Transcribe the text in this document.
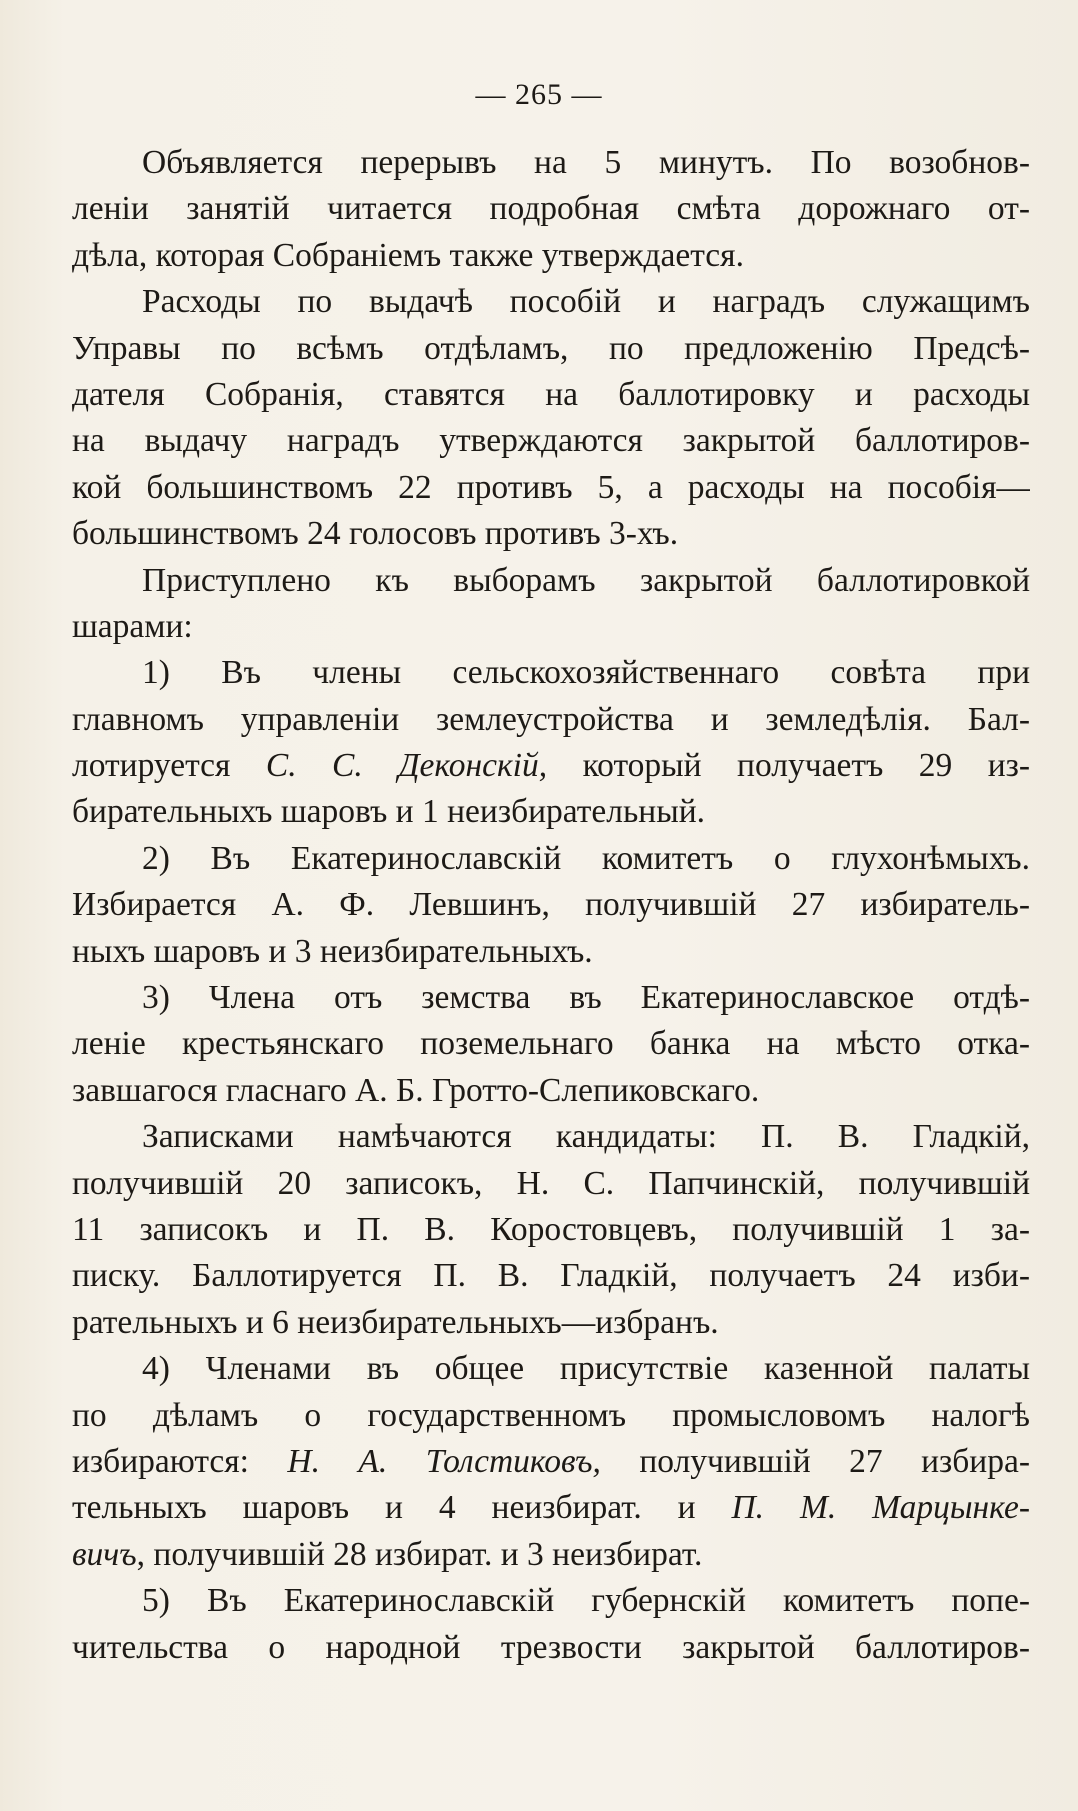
— 265 —

Объявляется перерывъ на 5 минутъ. По возобнов-
леніи занятій читается подробная смѣта дорожнаго от-
дѣла, которая Собраніемъ также утверждается.

Расходы по выдачѣ пособій и наградъ служащимъ
Управы по всѣмъ отдѣламъ, по предложенію Предсѣ-
дателя Собранія, ставятся на баллотировку и расходы
на выдачу наградъ утверждаются закрытой баллотиров-
кой большинствомъ 22 противъ 5, а расходы на пособія—
большинствомъ 24 голосовъ противъ 3-хъ.

Приступлено къ выборамъ закрытой баллотировкой
шарами:

1) Въ члены сельскохозяйственнаго совѣта при
главномъ управленіи землеустройства и земледѣлія. Бал-
лотируется С. С. Деконскій, который получаетъ 29 из-
бирательныхъ шаровъ и 1 неизбирательный.

2) Въ Екатеринославскій комитетъ о глухонѣмыхъ.
Избирается А. Ф. Левшинъ, получившій 27 избиратель-
ныхъ шаровъ и 3 неизбирательныхъ.

3) Члена отъ земства въ Екатеринославское отдѣ-
леніе крестьянскаго поземельнаго банка на мѣсто отка-
завшагося гласнаго А. Б. Гротто-Слепиковскаго.

Записками намѣчаются кандидаты: П. В. Гладкій,
получившій 20 записокъ, Н. С. Папчинскій, получившій
11 записокъ и П. В. Коростовцевъ, получившій 1 за-
писку. Баллотируется П. В. Гладкій, получаетъ 24 изби-
рательныхъ и 6 неизбирательныхъ—избранъ.

4) Членами въ общее присутствіе казенной палаты
по дѣламъ о государственномъ промысловомъ налогѣ
избираются: Н. А. Толстиковъ, получившій 27 избира-
тельныхъ шаровъ и 4 неизбират. и П. М. Марцынке-
вичъ, получившій 28 избират. и 3 неизбират.

5) Въ Екатеринославскій губернскій комитетъ попе-
чительства о народной трезвости закрытой баллотиров-
